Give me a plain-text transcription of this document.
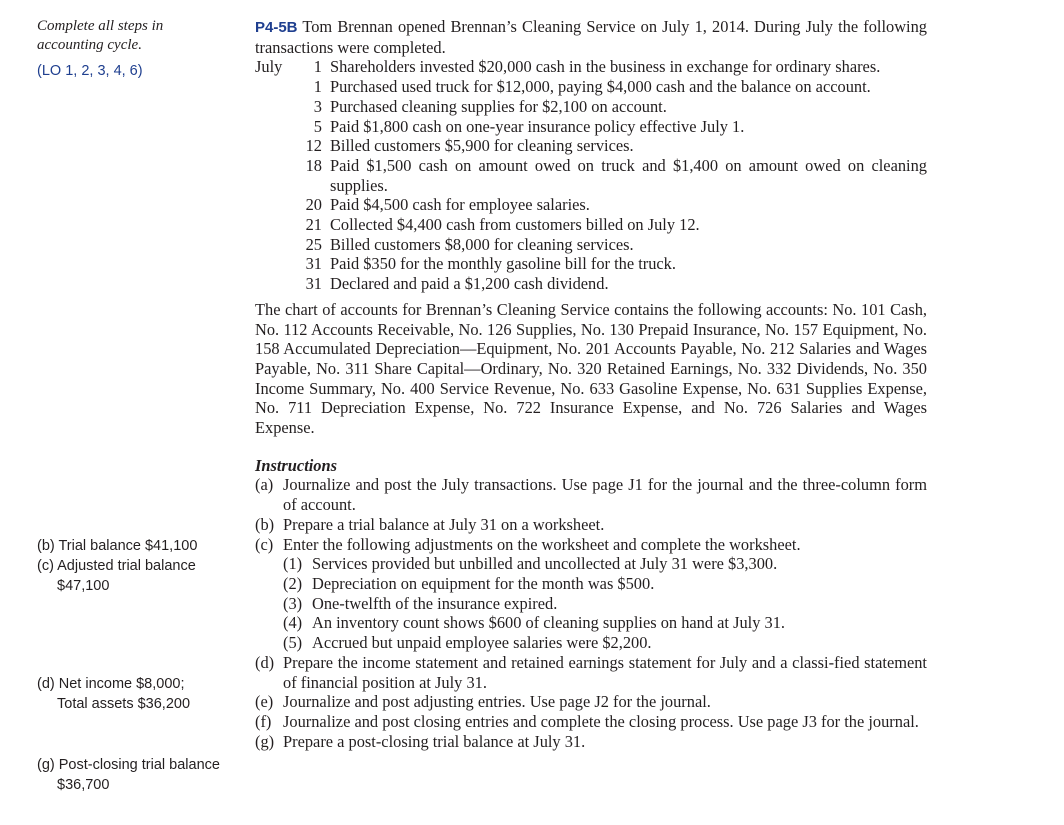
Complete all steps in
accounting cycle.
(LO 1, 2, 3, 4, 6)
(b) Trial balance $41,100
(c) Adjusted trial balance
$47,100
(d) Net income $8,000;
Total assets $36,200
(g) Post-closing trial balance
$36,700
P4-5B Tom Brennan opened Brennan’s Cleaning Service on July 1, 2014. During July the following transactions were completed.
July	1	Shareholders invested $20,000 cash in the business in exchange for ordinary shares.
	1	Purchased used truck for $12,000, paying $4,000 cash and the balance on account.
	3	Purchased cleaning supplies for $2,100 on account.
	5	Paid $1,800 cash on one-year insurance policy effective July 1.
	12	Billed customers $5,900 for cleaning services.
	18	Paid $1,500 cash on amount owed on truck and $1,400 on amount owed on cleaning supplies.
	20	Paid $4,500 cash for employee salaries.
	21	Collected $4,400 cash from customers billed on July 12.
	25	Billed customers $8,000 for cleaning services.
	31	Paid $350 for the monthly gasoline bill for the truck.
	31	Declared and paid a $1,200 cash dividend.
The chart of accounts for Brennan’s Cleaning Service contains the following accounts: No. 101 Cash, No. 112 Accounts Receivable, No. 126 Supplies, No. 130 Prepaid Insurance, No. 157 Equipment, No. 158 Accumulated Depreciation—Equipment, No. 201 Accounts Payable, No. 212 Salaries and Wages Payable, No. 311 Share Capital—Ordinary, No. 320 Retained Earnings, No. 332 Dividends, No. 350 Income Summary, No. 400 Service Revenue, No. 633 Gasoline Expense, No. 631 Supplies Expense, No. 711 Depreciation Expense, No. 722 Insurance Expense, and No. 726 Salaries and Wages Expense.
Instructions
(a) Journalize and post the July transactions. Use page J1 for the journal and the three-column form of account.
(b) Prepare a trial balance at July 31 on a worksheet.
(c) Enter the following adjustments on the worksheet and complete the worksheet.
(1) Services provided but unbilled and uncollected at July 31 were $3,300.
(2) Depreciation on equipment for the month was $500.
(3) One-twelfth of the insurance expired.
(4) An inventory count shows $600 of cleaning supplies on hand at July 31.
(5) Accrued but unpaid employee salaries were $2,200.
(d) Prepare the income statement and retained earnings statement for July and a classi-fied statement of financial position at July 31.
(e) Journalize and post adjusting entries. Use page J2 for the journal.
(f) Journalize and post closing entries and complete the closing process. Use page J3 for the journal.
(g) Prepare a post-closing trial balance at July 31.
